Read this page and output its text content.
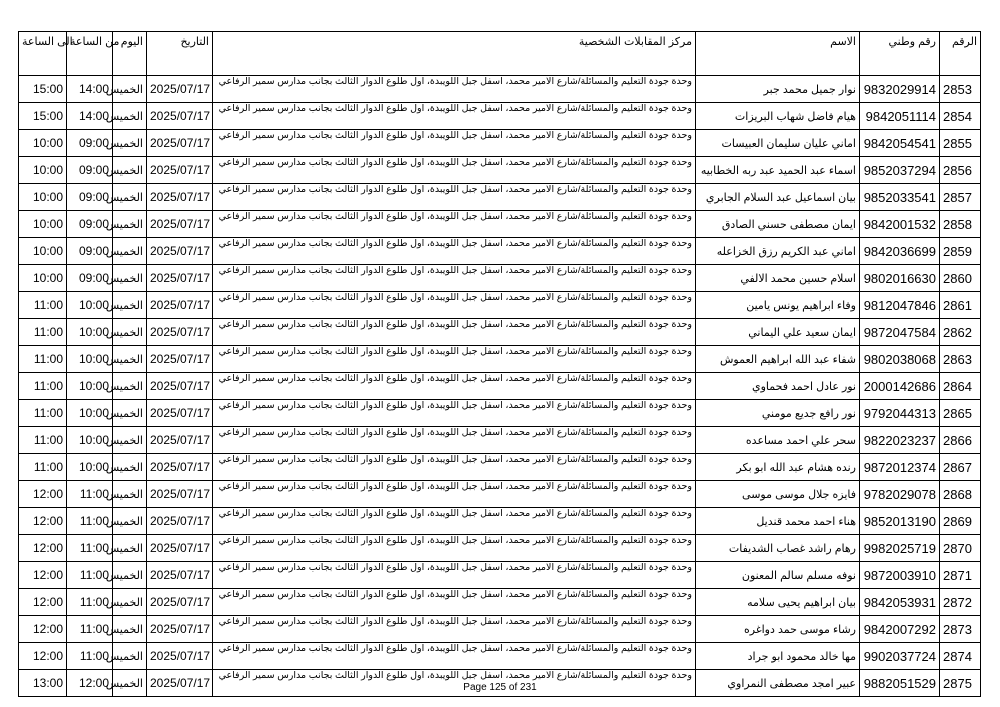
الى الساعة	من الساعة	اليوم	التاريخ	مركز المقابلات الشخصية	الاسم	رقم وطني	الرقم
15:00	14:00	الخميس	2025/07/17	وحدة جودة التعليم والمسائلة/شارع الامير محمد، اسفل جبل اللويبدة، اول طلوع الدوار الثالث بجانب مدارس سمير الرفاعي	نوار جميل محمد جبر	9832029914	2853
15:00	14:00	الخميس	2025/07/17	وحدة جودة التعليم والمسائلة/شارع الامير محمد، اسفل جبل اللويبدة، اول طلوع الدوار الثالث بجانب مدارس سمير الرفاعي	هيام فاضل شهاب البريزات	9842051114	2854
10:00	09:00	الخميس	2025/07/17	وحدة جودة التعليم والمسائلة/شارع الامير محمد، اسفل جبل اللويبدة، اول طلوع الدوار الثالث بجانب مدارس سمير الرفاعي	اماني عليان سليمان العبيسات	9842054541	2855
10:00	09:00	الخميس	2025/07/17	وحدة جودة التعليم والمسائلة/شارع الامير محمد، اسفل جبل اللويبدة، اول طلوع الدوار الثالث بجانب مدارس سمير الرفاعي	اسماء عبد الحميد عبد ربه الخطابيه	9852037294	2856
10:00	09:00	الخميس	2025/07/17	وحدة جودة التعليم والمسائلة/شارع الامير محمد، اسفل جبل اللويبدة، اول طلوع الدوار الثالث بجانب مدارس سمير الرفاعي	بيان اسماعيل عبد السلام الجابري	9852033541	2857
10:00	09:00	الخميس	2025/07/17	وحدة جودة التعليم والمسائلة/شارع الامير محمد، اسفل جبل اللويبدة، اول طلوع الدوار الثالث بجانب مدارس سمير الرفاعي	ايمان مصطفى حسني الصادق	9842001532	2858
10:00	09:00	الخميس	2025/07/17	وحدة جودة التعليم والمسائلة/شارع الامير محمد، اسفل جبل اللويبدة، اول طلوع الدوار الثالث بجانب مدارس سمير الرفاعي	اماني عبد الكريم رزق الخزاعله	9842036699	2859
10:00	09:00	الخميس	2025/07/17	وحدة جودة التعليم والمسائلة/شارع الامير محمد، اسفل جبل اللويبدة، اول طلوع الدوار الثالث بجانب مدارس سمير الرفاعي	اسلام حسين محمد الالفي	9802016630	2860
11:00	10:00	الخميس	2025/07/17	وحدة جودة التعليم والمسائلة/شارع الامير محمد، اسفل جبل اللويبدة، اول طلوع الدوار الثالث بجانب مدارس سمير الرفاعي	وفاء ابراهيم يونس يامين	9812047846	2861
11:00	10:00	الخميس	2025/07/17	وحدة جودة التعليم والمسائلة/شارع الامير محمد، اسفل جبل اللويبدة، اول طلوع الدوار الثالث بجانب مدارس سمير الرفاعي	ايمان سعيد علي اليماني	9872047584	2862
11:00	10:00	الخميس	2025/07/17	وحدة جودة التعليم والمسائلة/شارع الامير محمد، اسفل جبل اللويبدة، اول طلوع الدوار الثالث بجانب مدارس سمير الرفاعي	شفاء عبد الله ابراهيم العموش	9802038068	2863
11:00	10:00	الخميس	2025/07/17	وحدة جودة التعليم والمسائلة/شارع الامير محمد، اسفل جبل اللويبدة، اول طلوع الدوار الثالث بجانب مدارس سمير الرفاعي	نور عادل احمد فحماوي	2000142686	2864
11:00	10:00	الخميس	2025/07/17	وحدة جودة التعليم والمسائلة/شارع الامير محمد، اسفل جبل اللويبدة، اول طلوع الدوار الثالث بجانب مدارس سمير الرفاعي	نور رافع جديع مومني	9792044313	2865
11:00	10:00	الخميس	2025/07/17	وحدة جودة التعليم والمسائلة/شارع الامير محمد، اسفل جبل اللويبدة، اول طلوع الدوار الثالث بجانب مدارس سمير الرفاعي	سحر علي احمد مساعده	9822023237	2866
11:00	10:00	الخميس	2025/07/17	وحدة جودة التعليم والمسائلة/شارع الامير محمد، اسفل جبل اللويبدة، اول طلوع الدوار الثالث بجانب مدارس سمير الرفاعي	رنده هشام عبد الله ابو بكر	9872012374	2867
12:00	11:00	الخميس	2025/07/17	وحدة جودة التعليم والمسائلة/شارع الامير محمد، اسفل جبل اللويبدة، اول طلوع الدوار الثالث بجانب مدارس سمير الرفاعي	فايزه جلال موسى موسى	9782029078	2868
12:00	11:00	الخميس	2025/07/17	وحدة جودة التعليم والمسائلة/شارع الامير محمد، اسفل جبل اللويبدة، اول طلوع الدوار الثالث بجانب مدارس سمير الرفاعي	هناء احمد محمد قنديل	9852013190	2869
12:00	11:00	الخميس	2025/07/17	وحدة جودة التعليم والمسائلة/شارع الامير محمد، اسفل جبل اللويبدة، اول طلوع الدوار الثالث بجانب مدارس سمير الرفاعي	رهام راشد غصاب الشديفات	9982025719	2870
12:00	11:00	الخميس	2025/07/17	وحدة جودة التعليم والمسائلة/شارع الامير محمد، اسفل جبل اللويبدة، اول طلوع الدوار الثالث بجانب مدارس سمير الرفاعي	نوفه مسلم سالم المعنون	9872003910	2871
12:00	11:00	الخميس	2025/07/17	وحدة جودة التعليم والمسائلة/شارع الامير محمد، اسفل جبل اللويبدة، اول طلوع الدوار الثالث بجانب مدارس سمير الرفاعي	بيان ابراهيم يحيى سلامه	9842053931	2872
12:00	11:00	الخميس	2025/07/17	وحدة جودة التعليم والمسائلة/شارع الامير محمد، اسفل جبل اللويبدة، اول طلوع الدوار الثالث بجانب مدارس سمير الرفاعي	رشاء موسى حمد دواغره	9842007292	2873
12:00	11:00	الخميس	2025/07/17	وحدة جودة التعليم والمسائلة/شارع الامير محمد، اسفل جبل اللويبدة، اول طلوع الدوار الثالث بجانب مدارس سمير الرفاعي	مها خالد محمود ابو جراد	9902037724	2874
13:00	12:00	الخميس	2025/07/17	وحدة جودة التعليم والمسائلة/شارع الامير محمد، اسفل جبل اللويبدة، اول طلوع الدوار الثالث بجانب مدارس سمير الرفاعي	عبير امجد مصطفى النمراوي	9882051529	2875
Page 125 of 231
